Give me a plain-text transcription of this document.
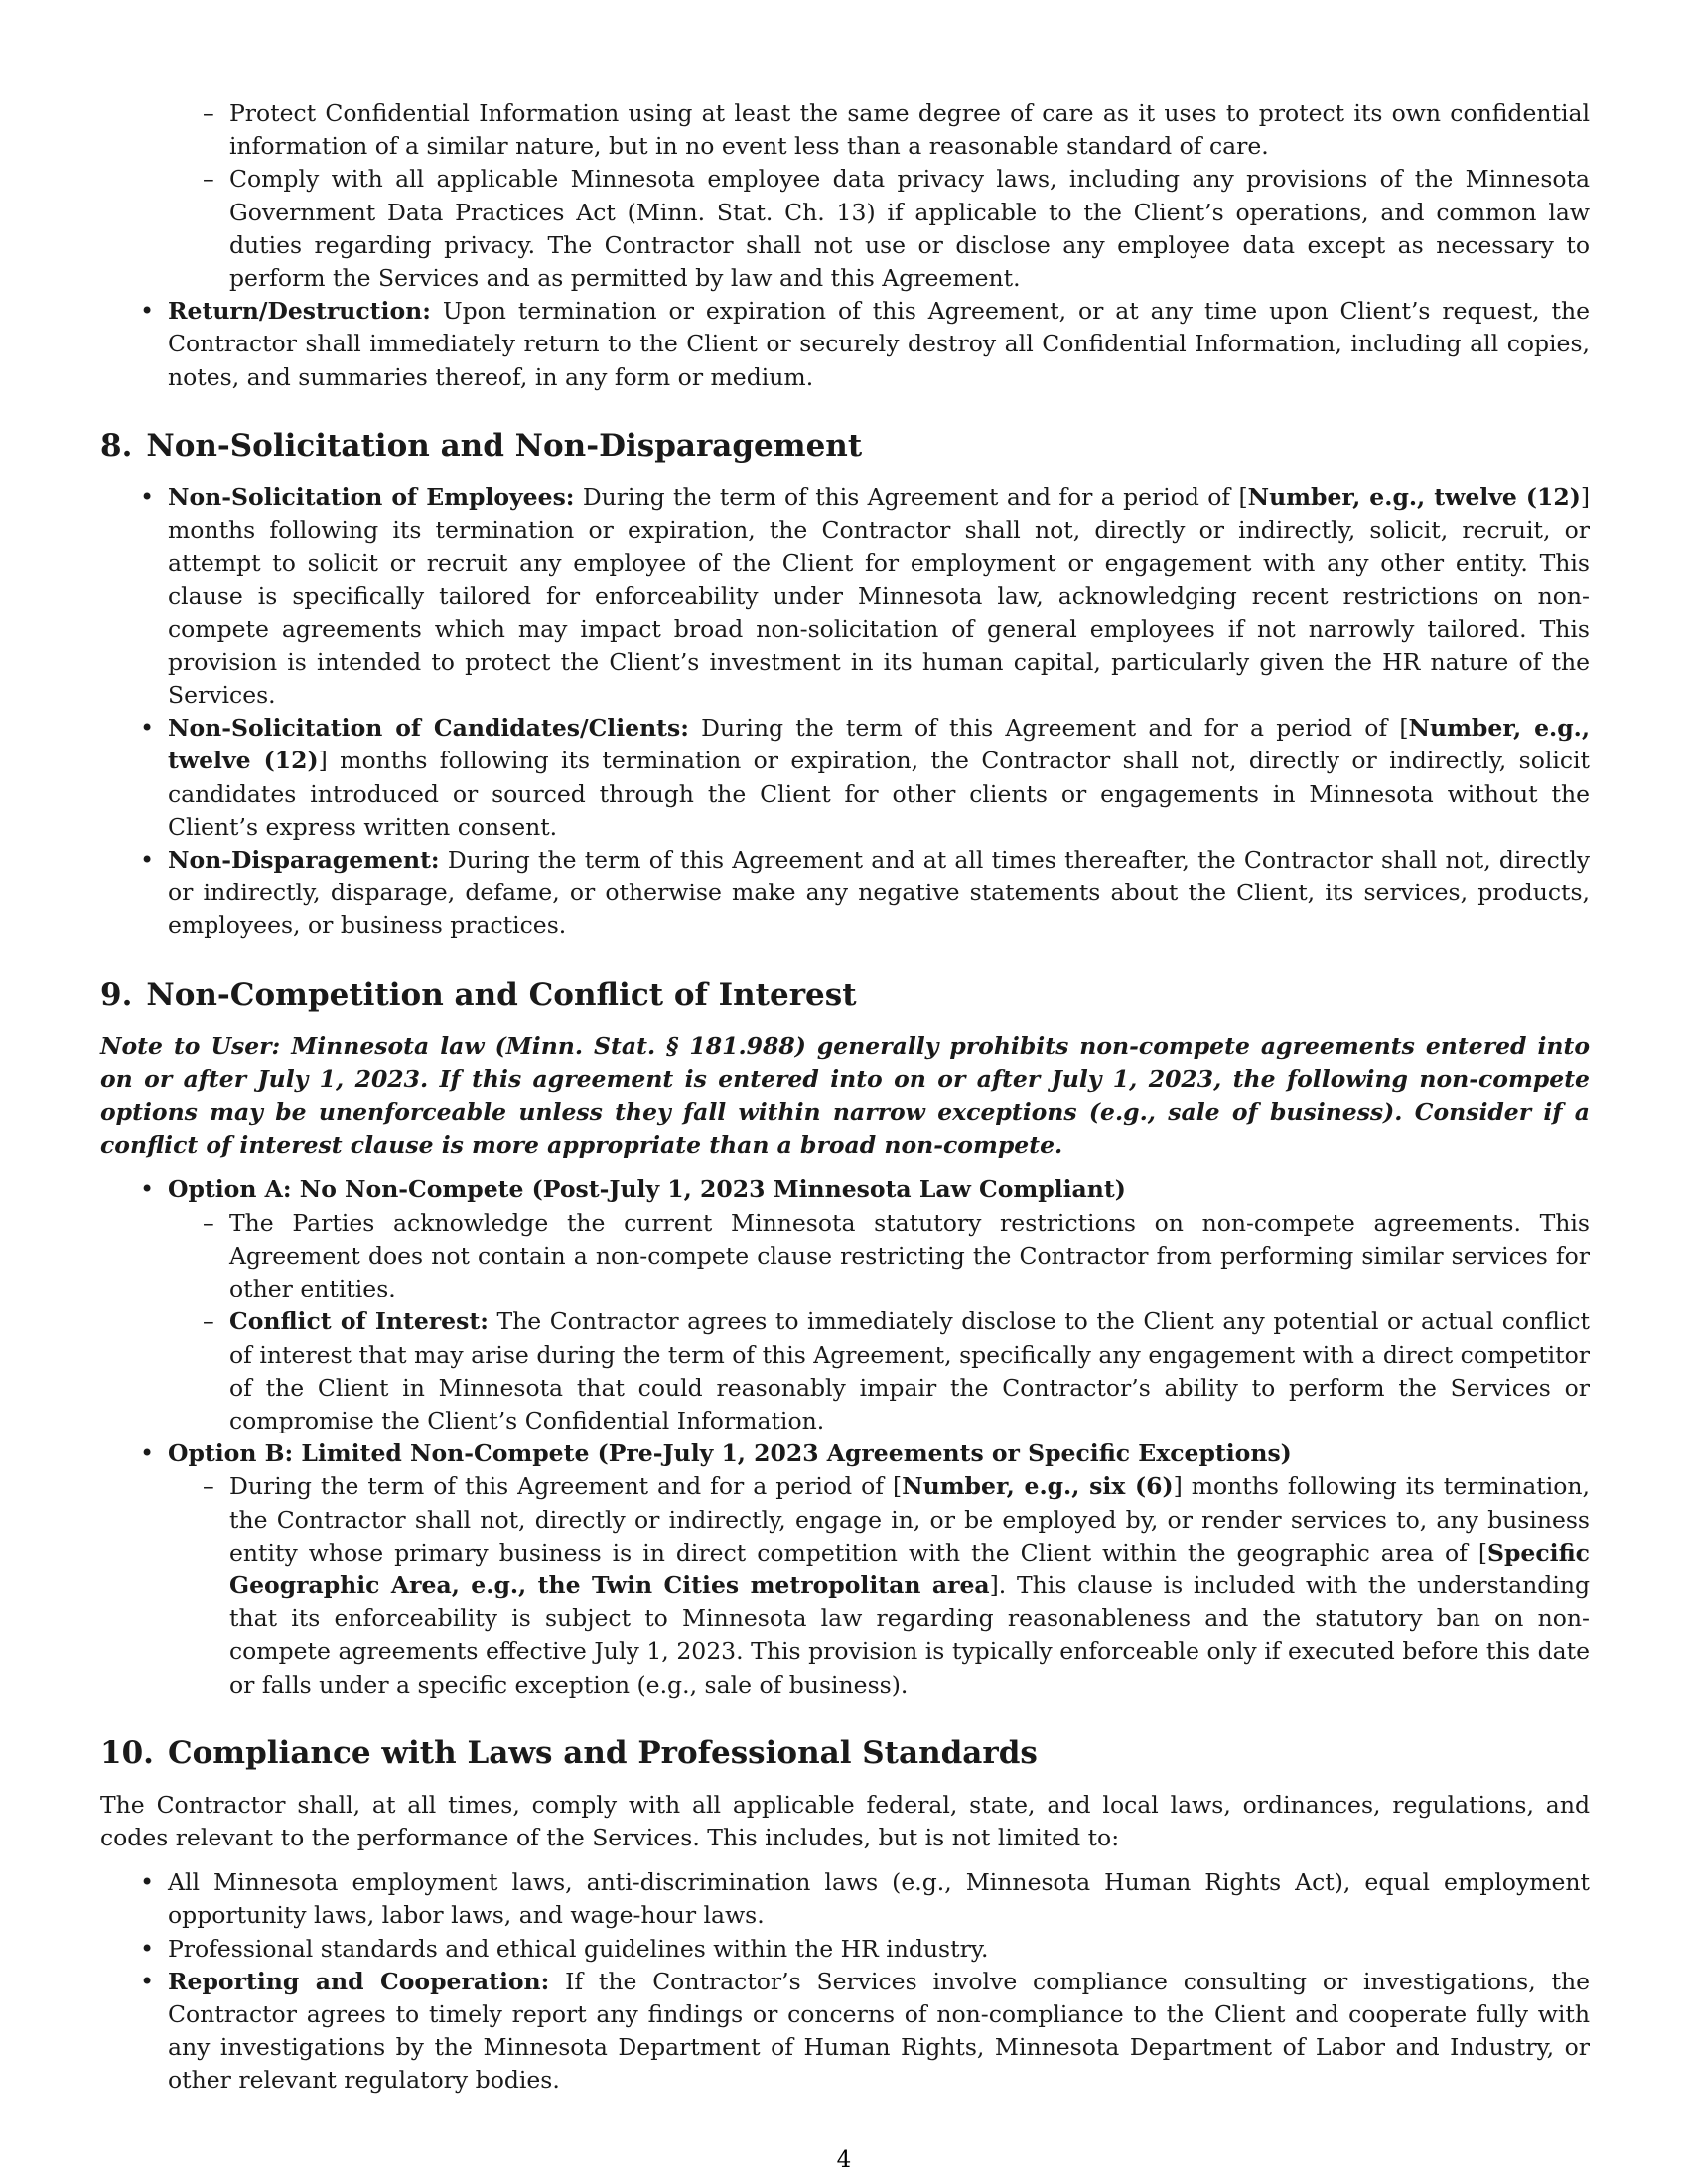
– Protect Confidential Information using at least the same degree of care as it uses to protect its own confidential information of a similar nature, but in no event less than a reasonable standard of care.
– Comply with all applicable Minnesota employee data privacy laws, including any provisions of the Minnesota Government Data Practices Act (Minn. Stat. Ch. 13) if applicable to the Client’s operations, and common law duties regarding privacy. The Contractor shall not use or disclose any employee data except as necessary to perform the Services and as permitted by law and this Agreement.
• Return/Destruction: Upon termination or expiration of this Agreement, or at any time upon Client’s request, the Contractor shall immediately return to the Client or securely destroy all Confidential Information, including all copies, notes, and summaries thereof, in any form or medium.
8. Non-Solicitation and Non-Disparagement
• Non-Solicitation of Employees: During the term of this Agreement and for a period of [Number, e.g., twelve (12)] months following its termination or expiration, the Contractor shall not, directly or indirectly, solicit, recruit, or attempt to solicit or recruit any employee of the Client for employment or engagement with any other entity. This clause is specifically tailored for enforceability under Minnesota law, acknowledging recent restrictions on non-compete agreements which may impact broad non-solicitation of general employees if not narrowly tailored. This provision is intended to protect the Client’s investment in its human capital, particularly given the HR nature of the Services.
• Non-Solicitation of Candidates/Clients: During the term of this Agreement and for a period of [Number, e.g., twelve (12)] months following its termination or expiration, the Contractor shall not, directly or indirectly, solicit candidates introduced or sourced through the Client for other clients or engagements in Minnesota without the Client’s express written consent.
• Non-Disparagement: During the term of this Agreement and at all times thereafter, the Contractor shall not, directly or indirectly, disparage, defame, or otherwise make any negative statements about the Client, its services, products, employees, or business practices.
9. Non-Competition and Conflict of Interest

Note to User: Minnesota law (Minn. Stat. § 181.988) generally prohibits non-compete agreements entered into on or after July 1, 2023. If this agreement is entered into on or after July 1, 2023, the following non-compete options may be unenforceable unless they fall within narrow exceptions (e.g., sale of business). Consider if a conflict of interest clause is more appropriate than a broad non-compete.

• Option A: No Non-Compete (Post-July 1, 2023 Minnesota Law Compliant)
– The Parties acknowledge the current Minnesota statutory restrictions on non-compete agreements. This Agreement does not contain a non-compete clause restricting the Contractor from performing similar services for other entities.
– Conflict of Interest: The Contractor agrees to immediately disclose to the Client any potential or actual conflict of interest that may arise during the term of this Agreement, specifically any engagement with a direct competitor of the Client in Minnesota that could reasonably impair the Contractor’s ability to perform the Services or compromise the Client’s Confidential Information.
• Option B: Limited Non-Compete (Pre-July 1, 2023 Agreements or Specific Exceptions)
– During the term of this Agreement and for a period of [Number, e.g., six (6)] months following its termination, the Contractor shall not, directly or indirectly, engage in, or be employed by, or render services to, any business entity whose primary business is in direct competition with the Client within the geographic area of [Specific Geographic Area, e.g., the Twin Cities metropolitan area]. This clause is included with the understanding that its enforceability is subject to Minnesota law regarding reasonableness and the statutory ban on non-compete agreements effective July 1, 2023. This provision is typically enforceable only if executed before this date or falls under a specific exception (e.g., sale of business).
10. Compliance with Laws and Professional Standards

The Contractor shall, at all times, comply with all applicable federal, state, and local laws, ordinances, regulations, and codes relevant to the performance of the Services. This includes, but is not limited to:

• All Minnesota employment laws, anti-discrimination laws (e.g., Minnesota Human Rights Act), equal employment opportunity laws, labor laws, and wage-hour laws.
• Professional standards and ethical guidelines within the HR industry.
• Reporting and Cooperation: If the Contractor’s Services involve compliance consulting or investigations, the Contractor agrees to timely report any findings or concerns of non-compliance to the Client and cooperate fully with any investigations by the Minnesota Department of Human Rights, Minnesota Department of Labor and Industry, or other relevant regulatory bodies.
4
